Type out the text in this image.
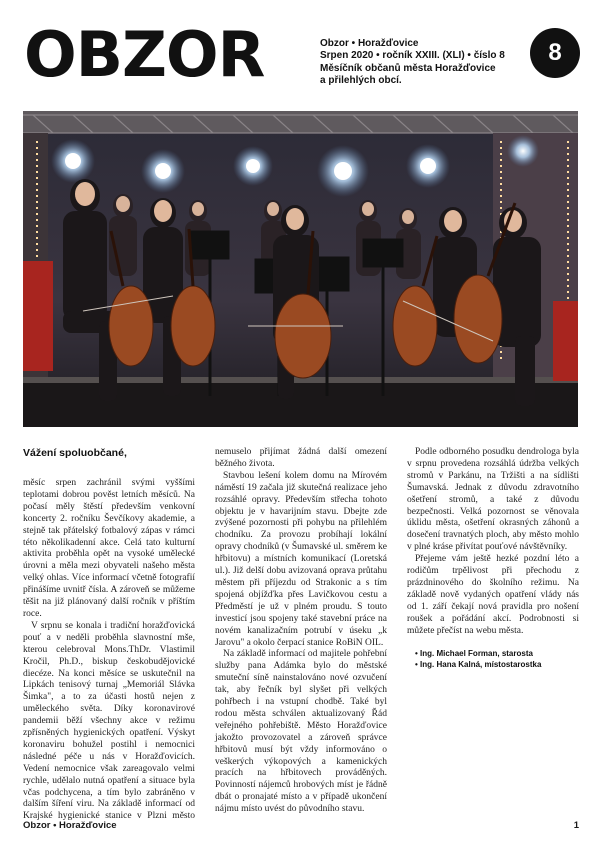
OBZOR	Obzor • Horažďovice
Srpen 2020 • ročník XXIII. (XLI) • číslo 8
Měsíčník občanů města Horažďovice
a přilehlých obcí.
8
Vážení spoluobčané,

měsíc srpen zachránil svými vyššími teplotami dobrou pověst letních měsíců. Na počasí měly štěstí především venkovní koncerty 2. ročníku Ševčíkovy akademie, a stejně tak přátelský fotbalový zápas v rámci této několikadenní akce. Celá tato kulturní aktivita proběhla opět na vysoké umělecké úrovni a měla mezi obyvateli našeho města velký ohlas. Více informací včetně fotografií přinášíme uvnitř čísla. A zároveň se můžeme těšit na již plánovaný další ročník v příštím roce.

V srpnu se konala i tradiční horažďovická pouť a v neděli proběhla slavnostní mše, kterou celebroval Mons.ThDr. Vlastimil Kročil, Ph.D., biskup českobudějovické diecéze. Na konci měsíce se uskutečnil na Lipkách tenisový turnaj „Memoriál Slávka Šimka", a to za účasti hostů nejen z uměleckého světa. Díky koronavirové pandemii běží všechny akce v režimu zpřísněných hygienických opatření. Výskyt koronaviru bohužel postihl i nemocnici následné péče u nás v Horažďovicích. Vedení nemocnice však zareagovalo velmi rychle, udělalo nutná opatření a situace byla včas podchycena, a tím bylo zabráněno v dalším šíření viru. Na základě informací od Krajské hygienické stanice v Plzni město nemuselo přijímat žádná další omezení běžného života.

Stavbou lešení kolem domu na Mírovém náměstí 19 začala již skutečná realizace jeho rozsáhlé opravy. Především střecha tohoto objektu je v havarijním stavu. Dbejte zde zvýšené pozornosti při pohybu na přilehlém chodníku. Za provozu probíhají lokální opravy chodníků (v Šumavské ul. směrem ke hřbitovu) a místních komunikací (Loretská ul.). Již delší dobu avizovaná oprava průtahu městem při příjezdu od Strakonic a s tím spojená objížďka přes Lavičkovou cestu a Předměstí je už v plném proudu. S touto investicí jsou spojeny také stavební práce na novém kanalizačním potrubí v úseku „k Jarovu" a okolo čerpací stanice RoBiN OIL.

Na základě informací od majitele pohřební služby pana Adámka bylo do městské smuteční síně nainstalováno nové ozvučení tak, aby řečník byl slyšet při velkých pohřbech i na vstupní chodbě. Také byl rodou města schválen aktualizovaný Řád veřejného pohřebiště. Město Horažďovice jakožto provozovatel a zároveň správce hřbitovů musí být vždy informováno o veškerých výkopových a kamenických pracích na hřbitovech prováděných. Povinností nájemců hrobových míst je řádně dbát o pronajaté místo a v případě ukončení nájmu místo uvést do původního stavu.

Podle odborného posudku dendrologa byla v srpnu provedena rozsáhlá údržba velkých stromů v Parkánu, na Tržišti a na sídlišti Šumavská. Jednak z důvodu zdravotního ošetření stromů, a také z důvodu bezpečnosti. Velká pozornost se věnovala úklidu města, ošetření okrasných záhonů a dosečení travnatých ploch, aby město mohlo v plné kráse přivítat pouťové návštěvníky.

Přejeme vám ještě hezké pozdní léto a rodičům trpělivost při přechodu z prázdninového do školního režimu. Na základě nově vydaných opatření vlády nás od 1. září čekají nová pravidla pro nošení roušek a pořádání akcí. Podrobnosti si můžete přečíst na webu města.

• Ing. Michael Forman, starosta
• Ing. Hana Kalná, místostarostka
Obzor • Horažďovice	1
